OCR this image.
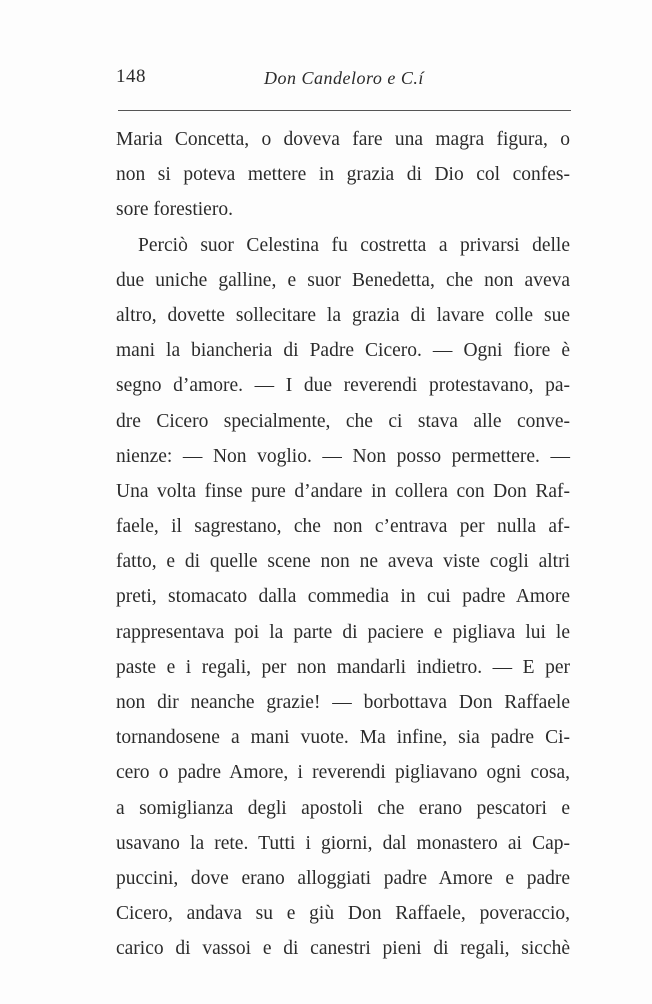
148	Don Candeloro e C.í
Maria Concetta, o doveva fare una magra figura, o
non si poteva mettere in grazia di Dio col confes-
sore forestiero.
Perciò suor Celestina fu costretta a privarsi delle
due uniche galline, e suor Benedetta, che non aveva
altro, dovette sollecitare la grazia di lavare colle sue
mani la biancheria di Padre Cicero. — Ogni fiore è
segno d’amore. — I due reverendi protestavano, pa-
dre Cicero specialmente, che ci stava alle conve-
nienze: — Non voglio. — Non posso permettere. —
Una volta finse pure d’andare in collera con Don Raf-
faele, il sagrestano, che non c’entrava per nulla af-
fatto, e di quelle scene non ne aveva viste cogli altri
preti, stomacato dalla commedia in cui padre Amore
rappresentava poi la parte di paciere e pigliava lui le
paste e i regali, per non mandarli indietro. — E per
non dir neanche grazie! — borbottava Don Raffaele
tornandosene a mani vuote. Ma infine, sia padre Ci-
cero o padre Amore, i reverendi pigliavano ogni cosa,
a somiglianza degli apostoli che erano pescatori e
usavano la rete. Tutti i giorni, dal monastero ai Cap-
puccini, dove erano alloggiati padre Amore e padre
Cicero, andava su e giù Don Raffaele, poveraccio,
carico di vassoi e di canestri pieni di regali, sicchè
